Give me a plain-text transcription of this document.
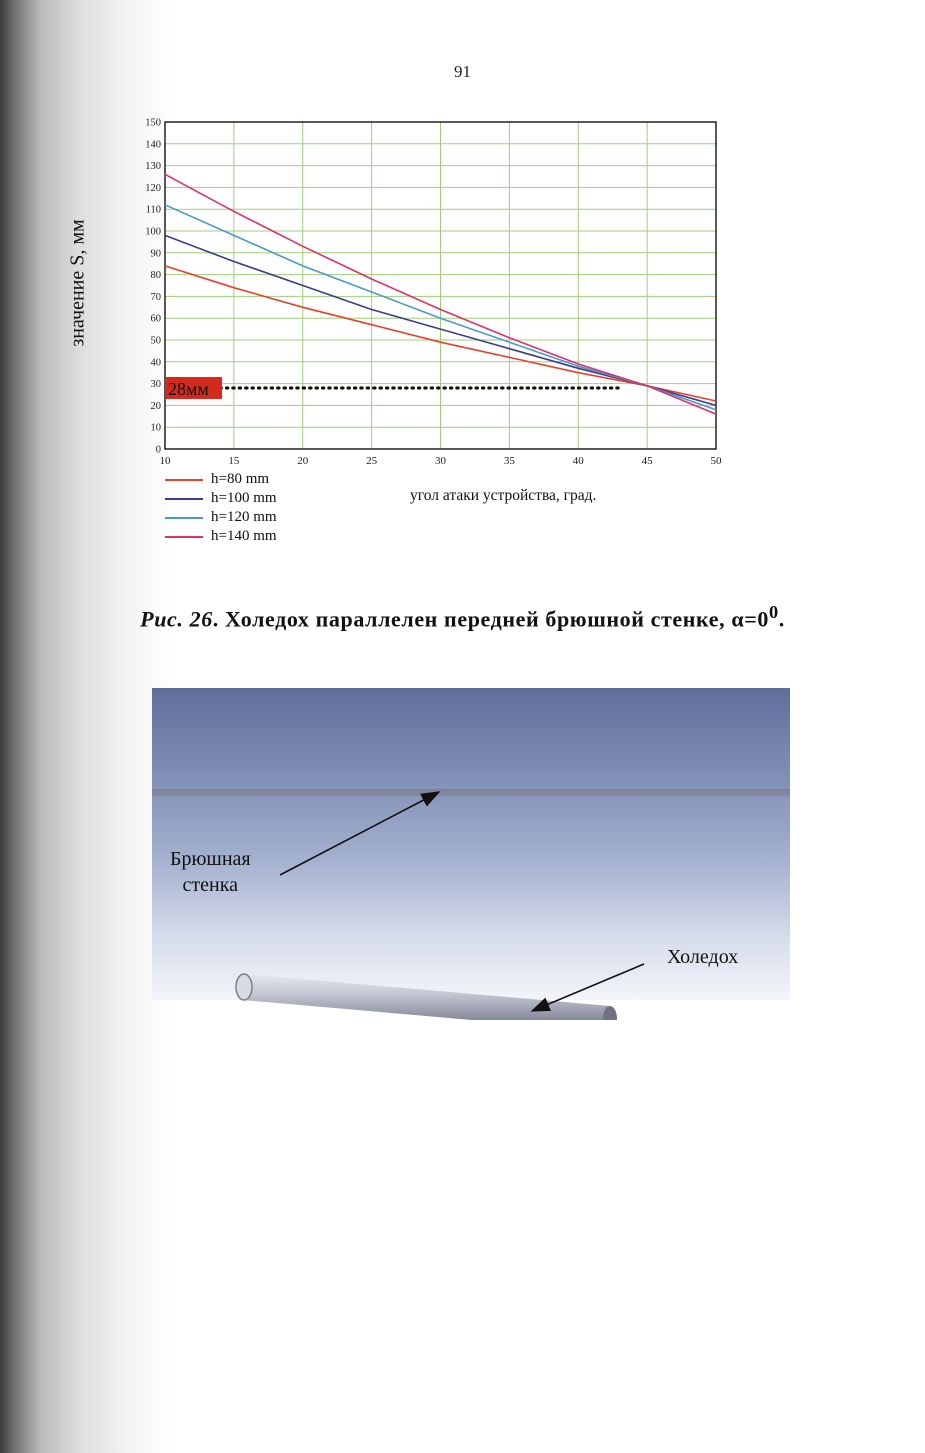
91
значение S, мм
0
10
20
30
40
50
60
70
80
90
100
110
120
130
140
150
10	15	20	25	30	35	40	45	50
28мм
h=80 mm
h=100 mm
h=120 mm
h=140 mm
угол атаки устройства, град.
Рис. 26. Холедох параллелен передней брюшной стенке, $\alpha=0^0$.
Брюшная
стенка
Холедох
